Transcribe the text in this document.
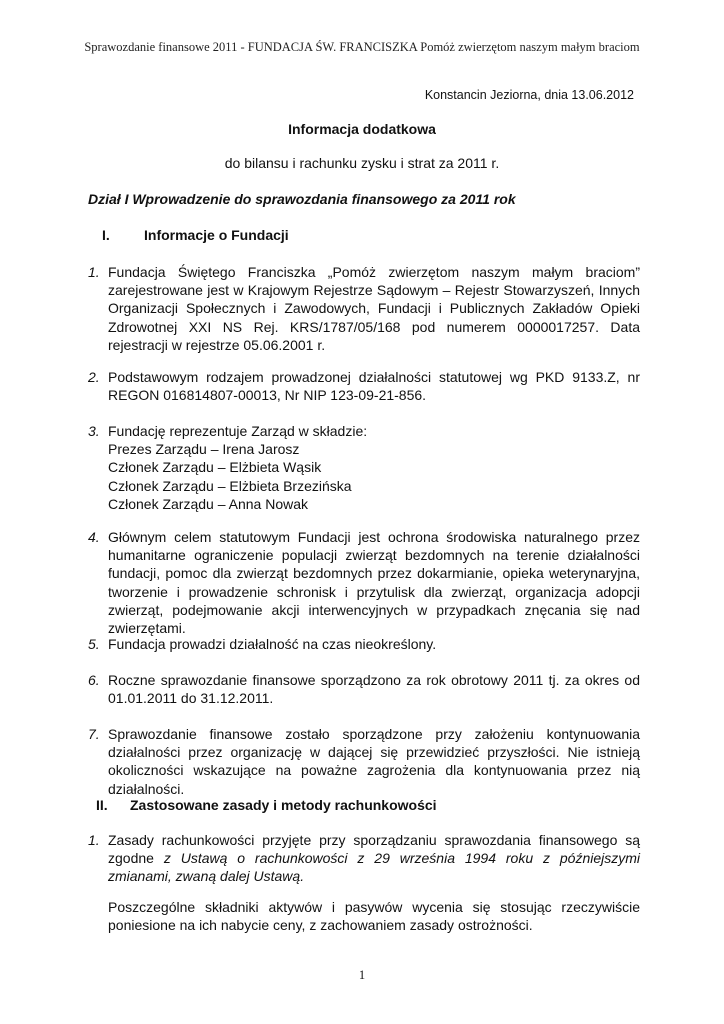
Sprawozdanie finansowe 2011 - FUNDACJA ŚW. FRANCISZKA Pomóż zwierzętom naszym małym braciom
Konstancin Jeziorna, dnia 13.06.2012
Informacja dodatkowa
do bilansu i rachunku zysku i strat za 2011 r.
Dział I Wprowadzenie do sprawozdania finansowego za 2011 rok
I. Informacje o Fundacji
1. Fundacja Świętego Franciszka „Pomóż zwierzętom naszym małym braciom” zarejestrowane jest w Krajowym Rejestrze Sądowym – Rejestr Stowarzyszeń, Innych Organizacji Społecznych i Zawodowych, Fundacji i Publicznych Zakładów Opieki Zdrowotnej XXI NS Rej. KRS/1787/05/168 pod numerem 0000017257. Data rejestracji w rejestrze 05.06.2001 r.
2. Podstawowym rodzajem prowadzonej działalności statutowej wg PKD 9133.Z, nr REGON 016814807-00013, Nr NIP 123-09-21-856.
3. Fundację reprezentuje Zarząd w składzie:
Prezes Zarządu – Irena Jarosz
Członek Zarządu – Elżbieta Wąsik
Członek Zarządu – Elżbieta Brzezińska
Członek Zarządu – Anna Nowak
4. Głównym celem statutowym Fundacji jest ochrona środowiska naturalnego przez humanitarne ograniczenie populacji zwierząt bezdomnych na terenie działalności fundacji, pomoc dla zwierząt bezdomnych przez dokarmianie, opieka weterynaryjna, tworzenie i prowadzenie schronisk i przytulisk dla zwierząt, organizacja adopcji zwierząt, podejmowanie akcji interwencyjnych w przypadkach znęcania się nad zwierzętami.
5. Fundacja prowadzi działalność na czas nieokreślony.
6. Roczne sprawozdanie finansowe sporządzono za rok obrotowy 2011 tj. za okres od 01.01.2011 do 31.12.2011.
7. Sprawozdanie finansowe zostało sporządzone przy założeniu kontynuowania działalności przez organizację w dającej się przewidzieć przyszłości. Nie istnieją okoliczności wskazujące na poważne zagrożenia dla kontynuowania przez nią działalności.
II. Zastosowane zasady i metody rachunkowości
1. Zasady rachunkowości przyjęte przy sporządzaniu sprawozdania finansowego są zgodne z Ustawą o rachunkowości z 29 września 1994 roku z późniejszymi zmianami, zwaną dalej Ustawą.

Poszczególne składniki aktywów i pasywów wycenia się stosując rzeczywiście poniesione na ich nabycie ceny, z zachowaniem zasady ostrożności.

1
